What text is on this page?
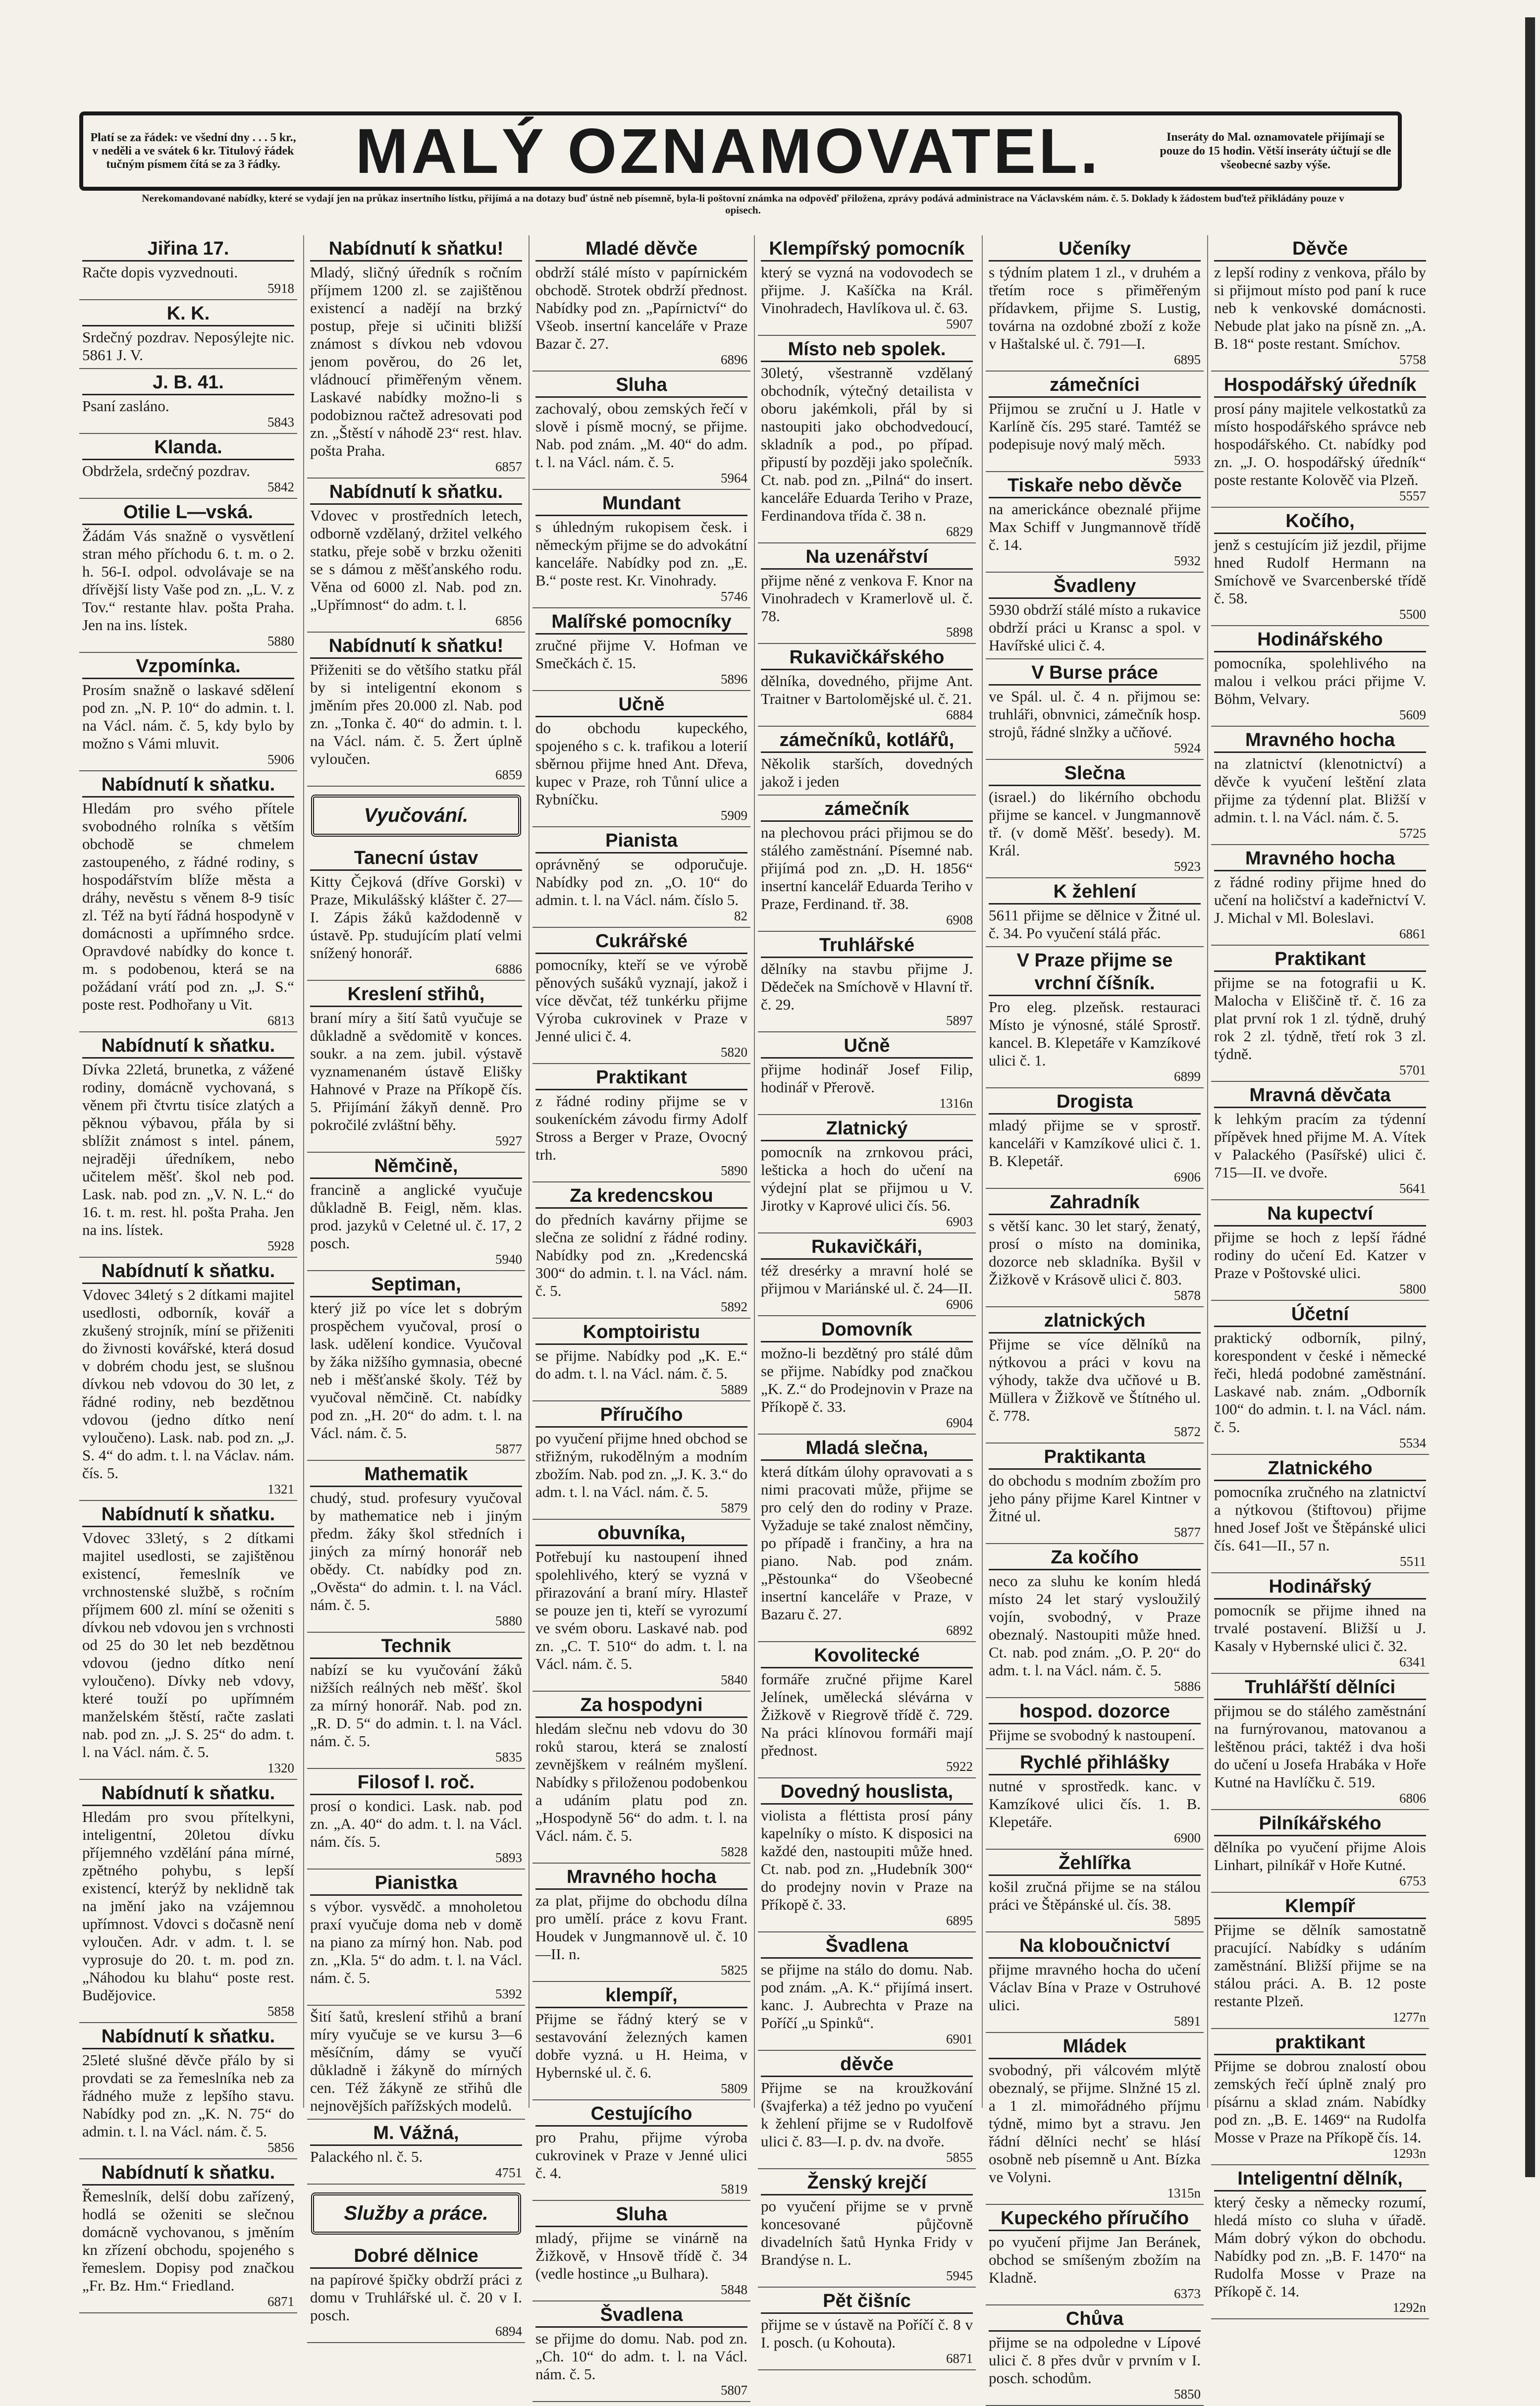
Platí se za řádek: ve všední dny . . . 5 kr., v neděli a ve svátek 6 kr. Titulový řádek tučným písmem čítá se za 3 řádky.	MALÝ OZNAMOVATEL.	Inseráty do Mal. oznamovatele přijímají se pouze do 15 hodin. Větší inseráty účtují se dle všeobecné sazby výše.
Nerekomandované nabídky, které se vydají jen na průkaz insertního lístku, přijímá a na dotazy buď ústně neb písemně, byla-li poštovní známka na odpověď přiložena, zprávy podává administrace na Václavském nám. č. 5. Doklady k žádostem buďtež přikládány pouze v opisech.
Jiřina 17.
Račte dopis vyzvednouti.
5918
K. K.
Srdečný pozdrav. Neposýlejte nic. 5861 J. V.
J. B. 41.
Psaní zasláno.
5843
Klanda.
Obdržela, srdečný pozdrav.
5842
Otilie L—vská.
Žádám Vás snažně o vysvětlení stran mého příchodu 6. t. m. o 2. h. 56-I. odpol. odvolávaje se na dřívější listy Vaše pod zn. „L. V. z Tov.“ restante hlav. pošta Praha. Jen na ins. lístek.
5880
Vzpomínka.
Prosím snažně o laskavé sdělení pod zn. „N. P. 10“ do admin. t. l. na Václ. nám. č. 5, kdy bylo by možno s Vámi mluvit.
5906
Nabídnutí k sňatku.
Hledám pro svého přítele svobodného rolníka s větším obchodě se chmelem zastoupeného, z řádné rodiny, s hospodářstvím blíže města a dráhy, nevěstu s věnem 8-9 tisíc zl. Též na bytí řádná hospodyně v domácnosti a upřímného srdce. Opravdové nabídky do konce t. m. s podobenou, která se na požádaní vrátí pod zn. „J. S.“ poste rest. Podhořany u Vit.
6813
Nabídnutí k sňatku.
Dívka 22letá, brunetka, z vážené rodiny, domácně vychovaná, s věnem při čtvrtu tisíce zlatých a pěknou výbavou, přála by si sblížit známost s intel. pánem, nejraději úředníkem, nebo učitelem měšť. škol neb pod. Lask. nab. pod zn. „V. N. L.“ do 16. t. m. rest. hl. pošta Praha. Jen na ins. lístek.
5928
Nabídnutí k sňatku.
Vdovec 34letý s 2 dítkami majitel usedlosti, odborník, kovář a zkušený strojník, míní se přiženiti do živnosti kovářské, která dosud v dobrém chodu jest, se slušnou dívkou neb vdovou do 30 let, z řádné rodiny, neb bezdětnou vdovou (jedno dítko není vyloučeno). Lask. nab. pod zn. „J. S. 4“ do adm. t. l. na Václav. nám. čís. 5.
1321
Nabídnutí k sňatku.
Vdovec 33letý, s 2 dítkami majitel usedlosti, se zajištěnou existencí, řemeslník ve vrchnostenské službě, s ročním příjmem 600 zl. míní se oženiti s dívkou neb vdovou jen s vrchnosti od 25 do 30 let neb bezdětnou vdovou (jedno dítko není vyloučeno). Dívky neb vdovy, které touží po upřímném manželském štěstí, račte zaslati nab. pod zn. „J. S. 25“ do adm. t. l. na Václ. nám. č. 5.
1320
Nabídnutí k sňatku.
Hledám pro svou přítelkyni, inteligentní, 20letou dívku příjemného vzdělání pána mírné, zpětného pohybu, s lepší existencí, kterýž by neklidně tak na jmění jako na vzájemnou upřímnost. Vdovci s dočasně není vyloučen. Adr. v adm. t. l. se vyprosuje do 20. t. m. pod zn. „Náhodou ku blahu“ poste rest. Budějovice.
5858
Nabídnutí k sňatku.
25leté slušné děvče přálo by si provdati se za řemeslníka neb za řádného muže z lepšího stavu. Nabídky pod zn. „K. N. 75“ do admin. t. l. na Václ. nám. č. 5.
5856
Nabídnutí k sňatku.
Řemeslník, delší dobu zařízený, hodlá se oženiti se slečnou domácně vychovanou, s jměním kn zřízení obchodu, spojeného s řemeslem. Dopisy pod značkou „Fr. Bz. Hm.“ Friedland.
6871
Nabídnutí k sňatku!
Mladý, sličný úředník s ročním příjmem 1200 zl. se zajištěnou existencí a nadějí na brzký postup, přeje si učiniti bližší známost s dívkou neb vdovou jenom pověrou, do 26 let, vládnoucí přiměřeným věnem. Laskavé nabídky možno-li s podobiznou račtež adresovati pod zn. „Štěstí v náhodě 23“ rest. hlav. pošta Praha.
6857
Nabídnutí k sňatku.
Vdovec v prostředních letech, odborně vzdělaný, držitel velkého statku, přeje sobě v brzku oženiti se s dámou z měšťanského rodu. Věna od 6000 zl. Nab. pod zn. „Upřímnost“ do adm. t. l.
6856
Nabídnutí k sňatku!
Přiženiti se do většího statku přál by si inteligentní ekonom s jměním přes 20.000 zl. Nab. pod zn. „Tonka č. 40“ do admin. t. l. na Václ. nám. č. 5. Žert úplně vyloučen.
6859
Vyučování.
Tanecní ústav
Kitty Čejková (dříve Gorski) v Praze, Mikulášský klášter č. 27—I. Zápis žáků každodenně v ústavě. Pp. studujícím platí velmi snížený honorář.
6886
Kreslení střihů,
braní míry a šití šatů vyučuje se důkladně a svědomitě v konces. soukr. a na zem. jubil. výstavě vyznamenaném ústavě Elišky Hahnové v Praze na Příkopě čís. 5. Přijímání žákyň denně. Pro pokročilé zvláštní běhy.
5927
Němčině,
francině a anglické vyučuje důkladně B. Feigl, něm. klas. prod. jazyků v Celetné ul. č. 17, 2 posch.
5940
Septiman,
který již po více let s dobrým prospěchem vyučoval, prosí o lask. udělení kondice. Vyučoval by žáka nižšího gymnasia, obecné neb i měšťanské školy. Též by vyučoval němčině. Ct. nabídky pod zn. „H. 20“ do adm. t. l. na Václ. nám. č. 5.
5877
Mathematik
chudý, stud. profesury vyučoval by mathematice neb i jiným předm. žáky škol středních i jiných za mírný honorář neb obědy. Ct. nabídky pod zn. „Ověsta“ do admin. t. l. na Václ. nám. č. 5.
5880
Technik
nabízí se ku vyučování žáků nižších reálných neb měšť. škol za mírný honorář. Nab. pod zn. „R. D. 5“ do admin. t. l. na Václ. nám. č. 5.
5835
Filosof I. roč.
prosí o kondici. Lask. nab. pod zn. „A. 40“ do adm. t. l. na Václ. nám. čís. 5.
5893
Pianistka
s výbor. vysvědč. a mnoholetou praxí vyučuje doma neb v domě na piano za mírný hon. Nab. pod zn. „Kla. 5“ do adm. t. l. na Václ. nám. č. 5.
5392
Šití šatů, kreslení střihů a braní míry vyučuje se ve kursu 3—6 měsíčním, dámy se vyučí důkladně i žákyně do mírných cen. Též žákyně ze střihů dle nejnovějších pařížských modelů.
M. Vážná,
Palackého nl. č. 5.
4751
Služby a práce.
Dobré dělnice
na papírové špičky obdrží práci z domu v Truhlářské ul. č. 20 v I. posch.
6894
Mladé děvče
obdrží stálé místo v papírnickém obchodě. Strotek obdrží přednost. Nabídky pod zn. „Papírnictví“ do Všeob. insertní kanceláře v Praze Bazar č. 27.
6896
Sluha
zachovalý, obou zemských řečí v slově i písmě mocný, se přijme. Nab. pod znám. „M. 40“ do adm. t. l. na Václ. nám. č. 5.
5964
Mundant
s úhledným rukopisem česk. i německým přijme se do advokátní kanceláře. Nabídky pod zn. „E. B.“ poste rest. Kr. Vinohrady.
5746
Malířské pomocníky
zručné přijme V. Hofman ve Smečkách č. 15.
5896
Učně
do obchodu kupeckého, spojeného s c. k. trafikou a loterií sběrnou přijme hned Ant. Dřeva, kupec v Praze, roh Tůnní ulice a Rybníčku.
5909
Pianista
oprávněný se odporučuje. Nabídky pod zn. „O. 10“ do admin. t. l. na Václ. nám. číslo 5.
82
Cukrářské
pomocníky, kteří se ve výrobě pěnových sušáků vyznají, jakož i více děvčat, též tunkérku přijme Výroba cukrovinek v Praze v Jenné ulici č. 4.
5820
Praktikant
z řádné rodiny přijme se v soukeníckém závodu firmy Adolf Stross a Berger v Praze, Ovocný trh.
5890
Za kredencskou
do předních kavárny přijme se slečna ze solidní z řádné rodiny. Nabídky pod zn. „Kredencská 300“ do admin. t. l. na Václ. nám. č. 5.
5892
Komptoiristu
se přijme. Nabídky pod „K. E.“ do adm. t. l. na Václ. nám. č. 5.
5889
Příručího
po vyučení přijme hned obchod se střižným, rukodělným a modním zbožím. Nab. pod zn. „J. K. 3.“ do adm. t. l. na Václ. nám. č. 5.
5879
obuvníka,
Potřebují ku nastoupení ihned spolehlivého, který se vyzná v přirazování a braní míry. Hlasteř se pouze jen ti, kteří se vyrozumí ve svém oboru. Laskavé nab. pod zn. „C. T. 510“ do adm. t. l. na Václ. nám. č. 5.
5840
Za hospodyni
hledám slečnu neb vdovu do 30 roků starou, která se znalostí zevnějškem v reálném myšlení. Nabídky s přiloženou podobenkou a udáním platu pod zn. „Hospodyně 56“ do adm. t. l. na Václ. nám. č. 5.
5828
Mravného hocha
za plat, přijme do obchodu dílna pro umělí. práce z kovu Frant. Houdek v Jungmannově ul. č. 10—II. n.
5825
klempíř,
Přijme se řádný který se v sestavování železných kamen dobře vyzná. u H. Heima, v Hybernské ul. č. 6.
5809
Cestujícího
pro Prahu, přijme výroba cukrovinek v Praze v Jenné ulici č. 4.
5819
Sluha
mladý, přijme se vinárně na Žižkově, v Hnsově třídě č. 34 (vedle hostince „u Bulhara).
5848
Švadlena
se přijme do domu. Nab. pod zn. „Ch. 10“ do adm. t. l. na Václ. nám. č. 5.
5807
Klempířský pomocník
který se vyzná na vodovodech se přijme. J. Kašíčka na Král. Vinohradech, Havlíkova ul. č. 63.
5907
Místo neb spolek.
30letý, všestranně vzdělaný obchodník, výtečný detailista v oboru jakémkoli, přál by si nastoupiti jako obchodvedoucí, skladník a pod., po případ. připustí by později jako společník. Ct. nab. pod zn. „Pilná“ do insert. kanceláře Eduarda Teriho v Praze, Ferdinandova třída č. 38 n.
6829
Na uzenářství
přijme něné z venkova F. Knor na Vinohradech v Kramerlově ul. č. 78.
5898
Rukavičkářského
dělníka, dovedného, přijme Ant. Traitner v Bartolomějské ul. č. 21.
6884
zámečníků, kotlářů,
Několik starších, dovedných jakož i jeden
zámečník
na plechovou práci přijmou se do stálého zaměstnání. Písemné nab. přijímá pod zn. „D. H. 1856“ insertní kancelář Eduarda Teriho v Praze, Ferdinand. tř. 38.
6908
Truhlářské
dělníky na stavbu přijme J. Dědeček na Smíchově v Hlavní tř. č. 29.
5897
Učně
přijme hodinář Josef Filip, hodinář v Přerově.
1316n
Zlatnický
pomocník na zrnkovou práci, lešticka a hoch do učení na výdejní plat se přijmou u V. Jirotky v Kaprové ulici čís. 56.
6903
Rukavičkáři,
též dresérky a mravní holé se přijmou v Mariánské ul. č. 24—II.
6906
Domovník
možno-li bezdětný pro stálé dům se přijme. Nabídky pod značkou „K. Z.“ do Prodejnovin v Praze na Příkopě č. 33.
6904
Mladá slečna,
která dítkám úlohy opravovati a s nimi pracovati může, přijme se pro celý den do rodiny v Praze. Vyžaduje se také znalost němčiny, po případě i frančiny, a hra na piano. Nab. pod znám. „Pěstounka“ do Všeobecné insertní kanceláře v Praze, v Bazaru č. 27.
6892
Kovolitecké
formáře zručné přijme Karel Jelínek, umělecká slévárna v Žižkově v Riegrově třídě č. 729. Na práci klínovou formáři mají přednost.
5922
Dovedný houslista,
violista a fléttista prosí pány kapelníky o místo. K disposici na každé den, nastoupiti může hned. Ct. nab. pod zn. „Hudebník 300“ do prodejny novin v Praze na Příkopě č. 33.
6895
Švadlena
se přijme na stálo do domu. Nab. pod znám. „A. K.“ přijímá insert. kanc. J. Aubrechta v Praze na Poříčí „u Spinků“.
6901
děvče
Přijme se na kroužkování (švajferka) a též jedno po vyučení k žehlení přijme se v Rudolfově ulici č. 83—I. p. dv. na dvoře.
5855
Ženský krejčí
po vyučení přijme se v prvně koncesované půjčovně divadelních šatů Hynka Fridy v Brandýse n. L.
5945
Pět čišníc
přijme se v ústavě na Poříčí č. 8 v I. posch. (u Kohouta).
6871
Učeníky
s týdním platem 1 zl., v druhém a třetím roce s přiměřeným přídavkem, přijme S. Lustig, továrna na ozdobné zboží z kože v Haštalské ul. č. 791—I.
6895
zámečníci
Přijmou se zruční u J. Hatle v Karlíně čís. 295 staré. Tamtéž se podepisuje nový malý měch.
5933
Tiskaře nebo děvče
na americkánce obeznalé přijme Max Schiff v Jungmannově třídě č. 14.
5932
Švadleny
5930 obdrží stálé místo a rukavice obdrží práci u Kransc a spol. v Havířské ulici č. 4.
V Burse práce
ve Spál. ul. č. 4 n. přijmou se: truhláři, obnvnici, zámečník hosp. strojů, řádné slnžky a učňové.
5924
Slečna
(israel.) do likérního obchodu přijme se kancel. v Jungmannově tř. (v domě Měšť. besedy). M. Král.
5923
K žehlení
5611 přijme se dělnice v Žitné ul. č. 34. Po vyučení stálá přác.
V Praze přijme se vrchní číšník.
Pro eleg. plzeňsk. restauraci Místo je výnosné, stálé Sprostř. kancel. B. Klepetáře v Kamzíkové ulici č. 1.
6899
Drogista
mladý přijme se v sprostř. kanceláři v Kamzíkové ulici č. 1. B. Klepetář.
6906
Zahradník
s větší kanc. 30 let starý, ženatý, prosí o místo na dominika, dozorce neb skladníka. Byšil v Žižkově v Krásově ulici č. 803.
5878
zlatnických
Přijme se více dělníků na nýtkovou a práci v kovu na výhody, takže dva učňové u B. Müllera v Žižkově ve Štítného ul. č. 778.
5872
Praktikanta
do obchodu s modním zbožím pro jeho pány přijme Karel Kintner v Žitné ul.
5877
Za kočího
neco za sluhu ke koním hledá místo 24 let starý vysloužilý vojín, svobodný, v Praze obeznalý. Nastoupiti může hned. Ct. nab. pod znám. „O. P. 20“ do adm. t. l. na Václ. nám. č. 5.
5886
hospod. dozorce
Přijme se svobodný k nastoupení.
Rychlé přihlášky
nutné v sprostředk. kanc. v Kamzíkové ulici čís. 1. B. Klepetáře.
6900
Žehlířka
košil zručná přijme se na stálou práci ve Štěpánské ul. čís. 38.
5895
Na kloboučnictví
přijme mravného hocha do učení Václav Bína v Praze v Ostruhové ulici.
5891
Mládek
svobodný, při válcovém mlýtě obeznalý, se přijme. Slnžné 15 zl. a 1 zl. mimořádného příjmu týdně, mimo byt a stravu. Jen řádní dělníci nechť se hlásí osobně neb písemně u Ant. Bízka ve Volyni.
1315n
Kupeckého příručího
po vyučení přijme Jan Beránek, obchod se smíšeným zbožím na Kladně.
6373
Chůva
přijme se na odpoledne v Lípové ulici č. 8 přes dvůr v prvním v I. posch. schodům.
5850
Děvče
z lepší rodiny z venkova, přálo by si přijmout místo pod paní k ruce neb k venkovské domácnosti. Nebude plat jako na písně zn. „A. B. 18“ poste restant. Smíchov.
5758
Hospodářský úředník
prosí pány majitele velkostatků za místo hospodářského správce neb hospodářského. Ct. nabídky pod zn. „J. O. hospodářský úředník“ poste restante Kolověč via Plzeň.
5557
Kočího,
jenž s cestujícím již jezdil, přijme hned Rudolf Hermann na Smíchově ve Svarcenberské třídě č. 58.
5500
Hodinářského
pomocníka, spolehlivého na malou i velkou práci přijme V. Böhm, Velvary.
5609
Mravného hocha
na zlatnictví (klenotnictví) a děvče k vyučení leštění zlata přijme za týdenní plat. Bližší v admin. t. l. na Václ. nám. č. 5.
5725
Mravného hocha
z řádné rodiny přijme hned do učení na holičství a kadeřnictví V. J. Michal v Ml. Boleslavi.
6861
Praktikant
přijme se na fotografii u K. Malocha v Eliščině tř. č. 16 za plat první rok 1 zl. týdně, druhý rok 2 zl. týdně, třetí rok 3 zl. týdně.
5701
Mravná děvčata
k lehkým pracím za týdenní přípěvek hned přijme M. A. Vítek v Palackého (Pasířské) ulici č. 715—II. ve dvoře.
5641
Na kupectví
přijme se hoch z lepší řádné rodiny do učení Ed. Katzer v Praze v Poštovské ulici.
5800
Účetní
praktický odborník, pilný, korespondent v české i německé řeči, hledá podobné zaměstnání. Laskavé nab. znám. „Odborník 100“ do admin. t. l. na Václ. nám. č. 5.
5534
Zlatnického
pomocníka zručného na zlatnictví a nýtkovou (štiftovou) přijme hned Josef Jošt ve Štěpánské ulici čís. 641—II., 57 n.
5511
Hodinářský
pomocník se přijme ihned na trvalé postavení. Bližší u J. Kasaly v Hybernské ulici č. 32.
6341
Truhlářští dělníci
přijmou se do stálého zaměstnání na furnýrovanou, matovanou a leštěnou práci, taktéž i dva hoši do učení u Josefa Hrabáka v Hoře Kutné na Havlíčku č. 519.
6806
Pilníkářského
dělníka po vyučení přijme Alois Linhart, pilníkář v Hoře Kutné.
6753
Klempíř
Přijme se dělník samostatně pracující. Nabídky s udáním zaměstnání. Bližší přijme se na stálou práci. A. B. 12 poste restante Plzeň.
1277n
praktikant
Přijme se dobrou znalostí obou zemských řečí úplně znalý pro písárnu a sklad znám. Nabídky pod zn. „B. E. 1469“ na Rudolfa Mosse v Praze na Příkopě čís. 14.
1293n
Inteligentní dělník,
který česky a německy rozumí, hledá místo co sluha v úřadě. Mám dobrý výkon do obchodu. Nabídky pod zn. „B. F. 1470“ na Rudolfa Mosse v Praze na Příkopě č. 14.
1292n
